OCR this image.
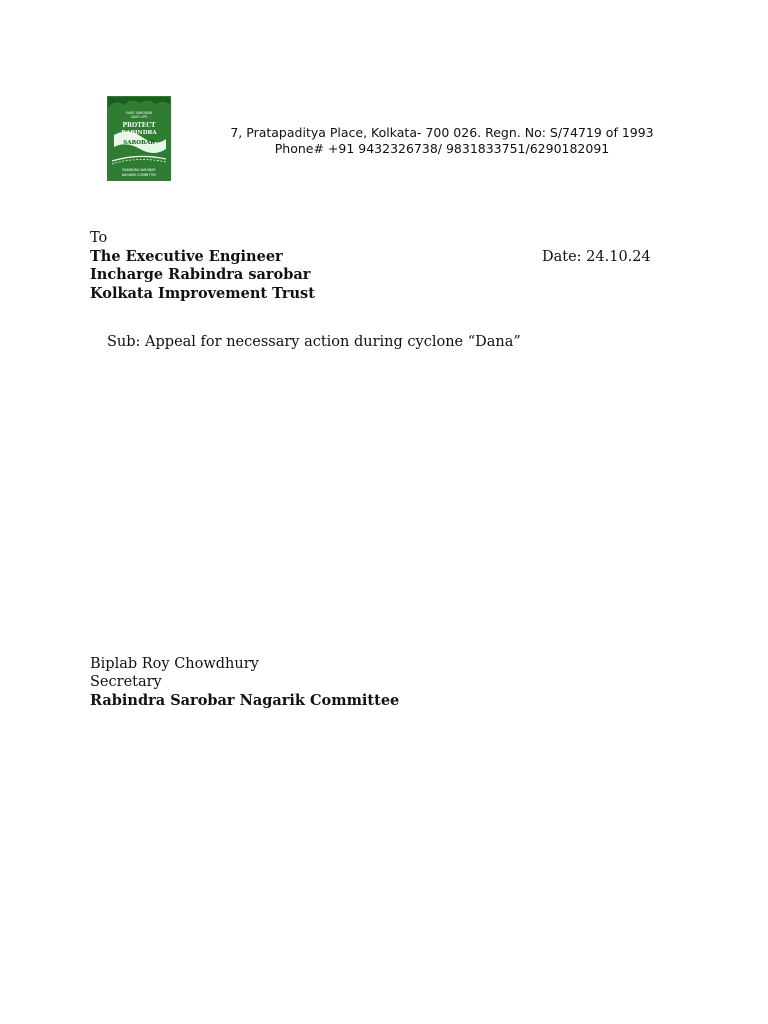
SAVE SAROBAR
SAVE LIFE
PROTECT
RABINDRA
SAROBAR
RABINDRA SAROBAR
NAGARIK COMMITTEE
7, Pratapaditya Place, Kolkata- 700 026. Regn. No: S/74719 of 1993
Phone# +91 9432326738/ 9831833751/6290182091
To
The Executive Engineer
Incharge Rabindra sarobar
Kolkata Improvement Trust
Date: 24.10.24
Sub: Appeal for necessary action during cyclone “Dana”
Biplab Roy Chowdhury
Secretary
Rabindra Sarobar Nagarik Committee
